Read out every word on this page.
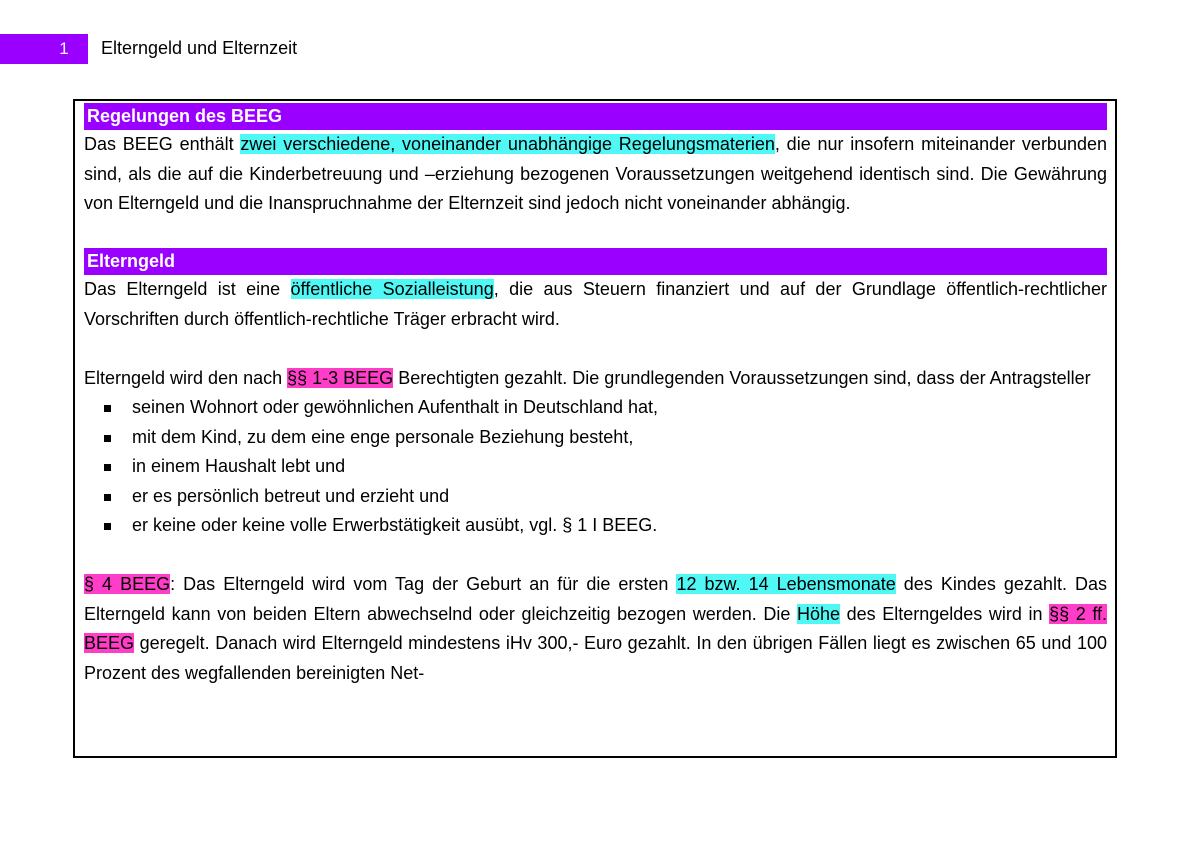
1 Elterngeld und Elternzeit
Regelungen des BEEG

Das BEEG enthält zwei verschiedene, voneinander unabhängige Regelungsmaterien, die nur insofern miteinander verbunden sind, als die auf die Kinderbetreuung und –erziehung bezogenen Voraussetzungen weitgehend identisch sind. Die Gewährung von Elterngeld und die Inanspruchnahme der Elternzeit sind jedoch nicht voneinander abhängig.

Elterngeld

Das Elterngeld ist eine öffentliche Sozialleistung, die aus Steuern finanziert und auf der Grundlage öffentlich-rechtlicher Vorschriften durch öffentlich-rechtliche Träger erbracht wird.

Elterngeld wird den nach §§ 1-3 BEEG Berechtigten gezahlt. Die grundlegenden Voraussetzungen sind, dass der Antragsteller

seinen Wohnort oder gewöhnlichen Aufenthalt in Deutschland hat,
mit dem Kind, zu dem eine enge personale Beziehung besteht,
in einem Haushalt lebt und
er es persönlich betreut und erzieht und
er keine oder keine volle Erwerbstätigkeit ausübt, vgl. § 1 I BEEG.

§ 4 BEEG: Das Elterngeld wird vom Tag der Geburt an für die ersten 12 bzw. 14 Lebensmonate des Kindes gezahlt. Das Elterngeld kann von beiden Eltern abwechselnd oder gleichzeitig bezogen werden. Die Höhe des Elterngeldes wird in §§ 2 ff. BEEG geregelt. Danach wird Elterngeld mindestens iHv 300,- Euro gezahlt. In den übrigen Fällen liegt es zwischen 65 und 100 Prozent des wegfallenden bereinigten Net-
